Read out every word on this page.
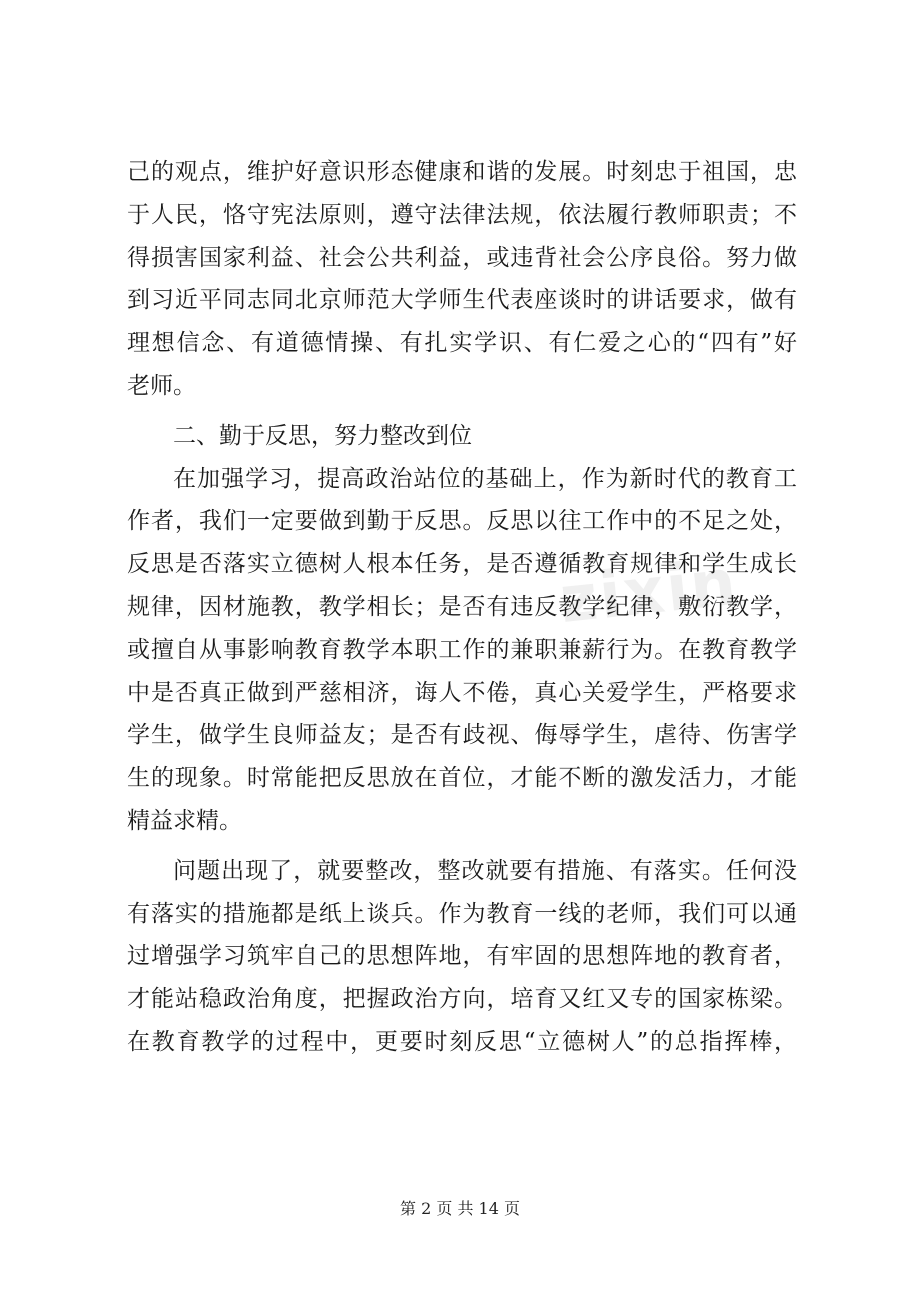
zixin
己的观点，维护好意识形态健康和谐的发展。时刻忠于祖国，忠
于人民，恪守宪法原则，遵守法律法规，依法履行教师职责；不
得损害国家利益、社会公共利益，或违背社会公序良俗。努力做
到习近平同志同北京师范大学师生代表座谈时的讲话要求，做有
理想信念、有道德情操、有扎实学识、有仁爱之心的“四有”好
老师。
二、勤于反思，努力整改到位
在加强学习，提高政治站位的基础上，作为新时代的教育工
作者，我们一定要做到勤于反思。反思以往工作中的不足之处，
反思是否落实立德树人根本任务，是否遵循教育规律和学生成长
规律，因材施教，教学相长；是否有违反教学纪律，敷衍教学，
或擅自从事影响教育教学本职工作的兼职兼薪行为。在教育教学
中是否真正做到严慈相济，诲人不倦，真心关爱学生，严格要求
学生，做学生良师益友；是否有歧视、侮辱学生，虐待、伤害学
生的现象。时常能把反思放在首位，才能不断的激发活力，才能
精益求精。
问题出现了，就要整改，整改就要有措施、有落实。任何没
有落实的措施都是纸上谈兵。作为教育一线的老师，我们可以通
过增强学习筑牢自己的思想阵地，有牢固的思想阵地的教育者，
才能站稳政治角度，把握政治方向，培育又红又专的国家栋梁。
在教育教学的过程中，更要时刻反思“立德树人”的总指挥棒，
第 2 页 共 14 页
